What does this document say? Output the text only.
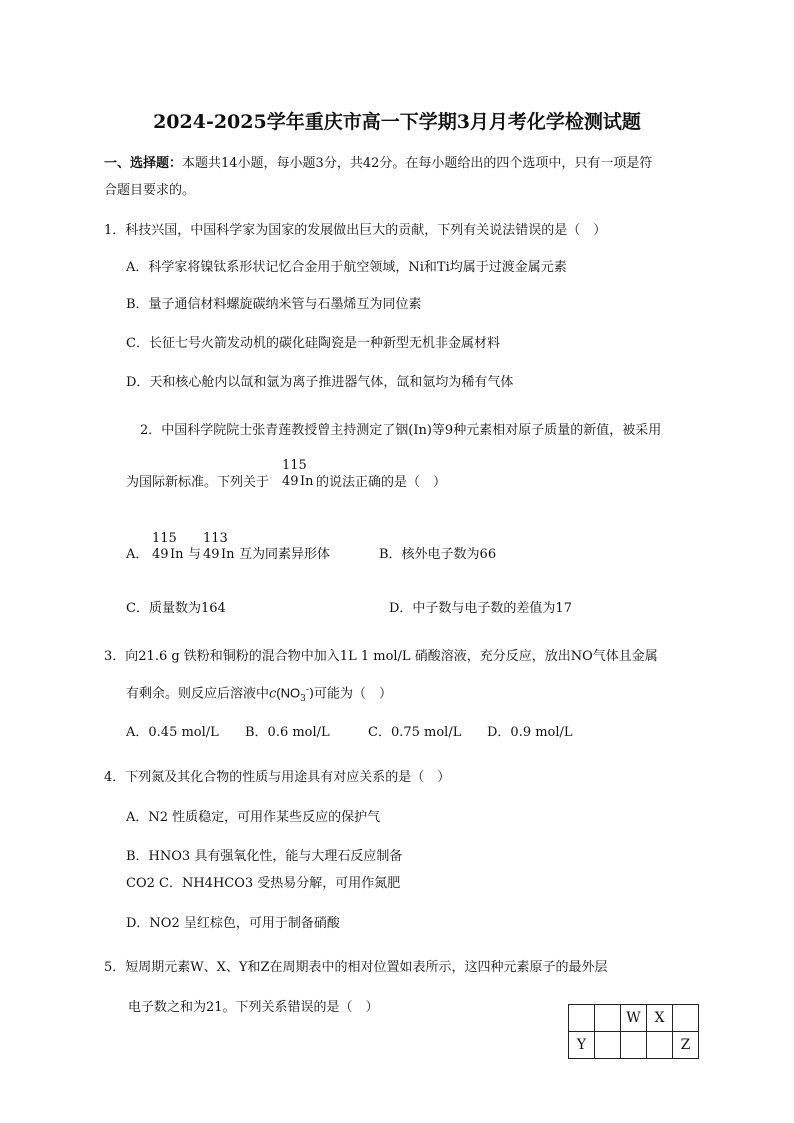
2024-2025学年重庆市高一下学期3月月考化学检测试题
一、选择题：本题共14小题，每小题3分，共42分。在每小题给出的四个选项中，只有一项是符
合题目要求的。
1．科技兴国，中国科学家为国家的发展做出巨大的贡献，下列有关说法错误的是（　）
A．科学家将镍钛系形状记忆合金用于航空领域，Ni和Ti均属于过渡金属元素
B．量子通信材料螺旋碳纳米管与石墨烯互为同位素
C．长征七号火箭发动机的碳化硅陶瓷是一种新型无机非金属材料
D．天和核心舱内以氙和氩为离子推进器气体，氙和氩均为稀有气体
2．中国科学院院士张青莲教授曾主持测定了铟(In)等9种元素相对原子质量的新值，被采用
为国际新标准。下列关于
115
49 In 的说法正确的是（　）
A．
115
49 In 与
113
49 In 互为同素异形体	B．核外电子数为66
C．质量数为164	D．中子数与电子数的差值为17
3．向21.6 g 铁粉和铜粉的混合物中加入1L 1 mol/L 硝酸溶液，充分反应，放出NO气体且金属
有剩余。则反应后溶液中$c(NO_3^-)$可能为（　）
A．0.45 mol/L B．0.6 mol/L	C．0.75 mol/L D．0.9 mol/L
4．下列氮及其化合物的性质与用途具有对应关系的是（　）
A．N2 性质稳定，可用作某些反应的保护气
B．HNO3 具有强氧化性，能与大理石反应制备
CO2 C．NH4HCO3 受热易分解，可用作氮肥
D．NO2 呈红棕色，可用于制备硝酸
5．短周期元素W、X、Y和Z在周期表中的相对位置如表所示，这四种元素原子的最外层
电子数之和为21。下列关系错误的是（　）
		W	X	
Y				Z
